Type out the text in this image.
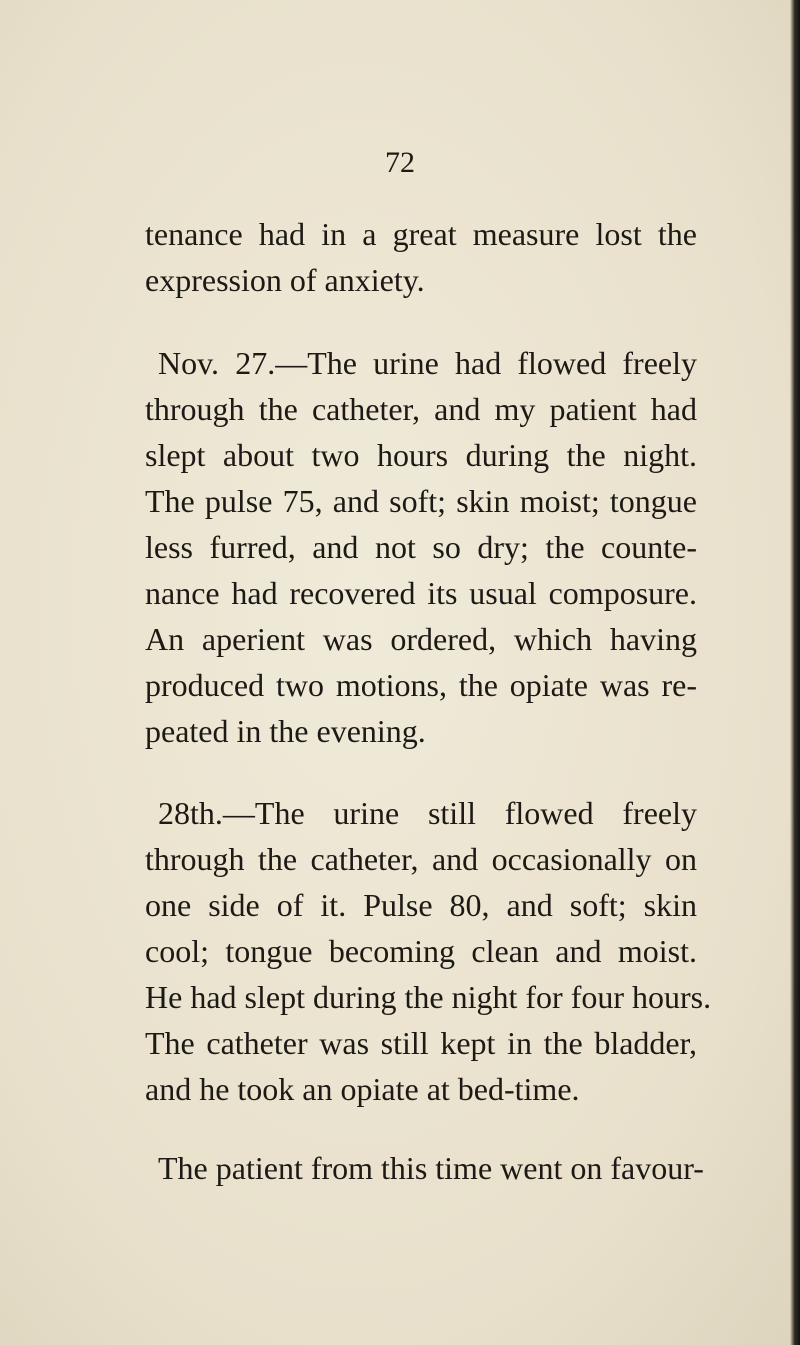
72
tenance had in a great measure lost the
expression of anxiety.
Nov. 27.—The urine had flowed freely
through the catheter, and my patient had
slept about two hours during the night.
The pulse 75, and soft; skin moist; tongue
less furred, and not so dry; the counte-
nance had recovered its usual composure.
An aperient was ordered, which having
produced two motions, the opiate was re-
peated in the evening.
28th.—The urine still flowed freely
through the catheter, and occasionally on
one side of it. Pulse 80, and soft; skin
cool; tongue becoming clean and moist.
He had slept during the night for four hours.
The catheter was still kept in the bladder,
and he took an opiate at bed-time.
The patient from this time went on favour-
